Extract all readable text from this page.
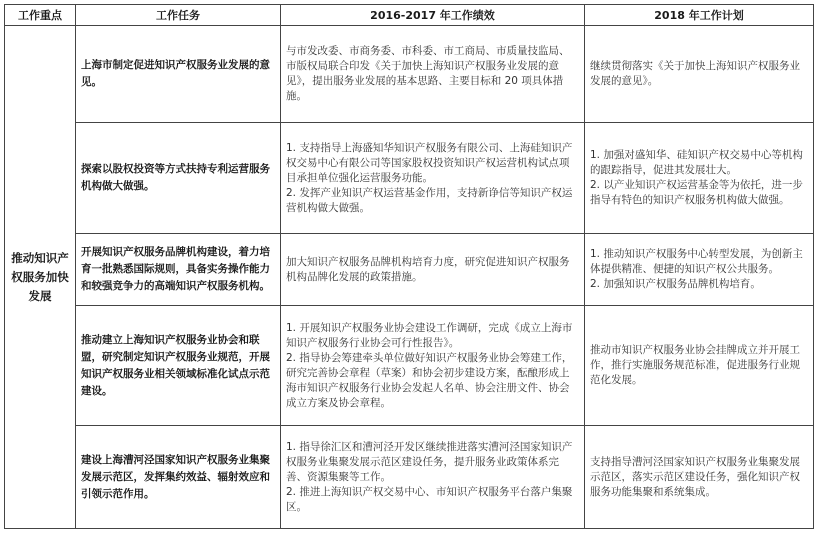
工作重点	工作任务	2016-2017 年工作绩效	2018 年工作计划
推动知识产权服务加快发展	上海市制定促进知识产权服务业发展的意见。	与市发改委、市商务委、市科委、市工商局、市质量技监局、市版权局联合印发《关于加快上海知识产权服务业发展的意见》，提出服务业发展的基本思路、主要目标和 20 项具体措施。	继续贯彻落实《关于加快上海知识产权服务业发展的意见》。

	探索以股权投资等方式扶持专利运营服务机构做大做强。	1. 支持指导上海盛知华知识产权服务有限公司、上海硅知识产权交易中心有限公司等国家股权投资知识产权运营机构试点项目承担单位强化运营服务功能。
2. 发挥产业知识产权运营基金作用，支持新诤信等知识产权运营机构做大做强。	1. 加强对盛知华、硅知识产权交易中心等机构的跟踪指导，促进其发展壮大。
2. 以产业知识产权运营基金等为依托，进一步指导有特色的知识产权服务机构做大做强。

	开展知识产权服务品牌机构建设，着力培育一批熟悉国际规则，具备实务操作能力和较强竞争力的高端知识产权服务机构。	加大知识产权服务品牌机构培育力度，研究促进知识产权服务机构品牌化发展的政策措施。	1. 推动知识产权服务中心转型发展，为创新主体提供精准、便捷的知识产权公共服务。
2. 加强知识产权服务品牌机构培育。

	推动建立上海知识产权服务业协会和联盟，研究制定知识产权服务业规范，开展知识产权服务业相关领域标准化试点示范建设。	1. 开展知识产权服务业协会建设工作调研，完成《成立上海市知识产权服务行业协会可行性报告》。
2. 指导协会筹建牵头单位做好知识产权服务业协会筹建工作，研究完善协会章程（草案）和协会初步建设方案，酝酿形成上海市知识产权服务行业协会发起人名单、协会注册文件、协会成立方案及协会章程。	推动市知识产权服务业协会挂牌成立并开展工作，推行实施服务规范标准，促进服务行业规范化发展。

	建设上海漕河泾国家知识产权服务业集聚发展示范区，发挥集约效益、辐射效应和引领示范作用。	1. 指导徐汇区和漕河泾开发区继续推进落实漕河泾国家知识产权服务业集聚发展示范区建设任务，提升服务业政策体系完善、资源集聚等工作。
2. 推进上海知识产权交易中心、市知识产权服务平台落户集聚区。	支持指导漕河泾国家知识产权服务业集聚发展示范区，落实示范区建设任务，强化知识产权服务功能集聚和系统集成。
